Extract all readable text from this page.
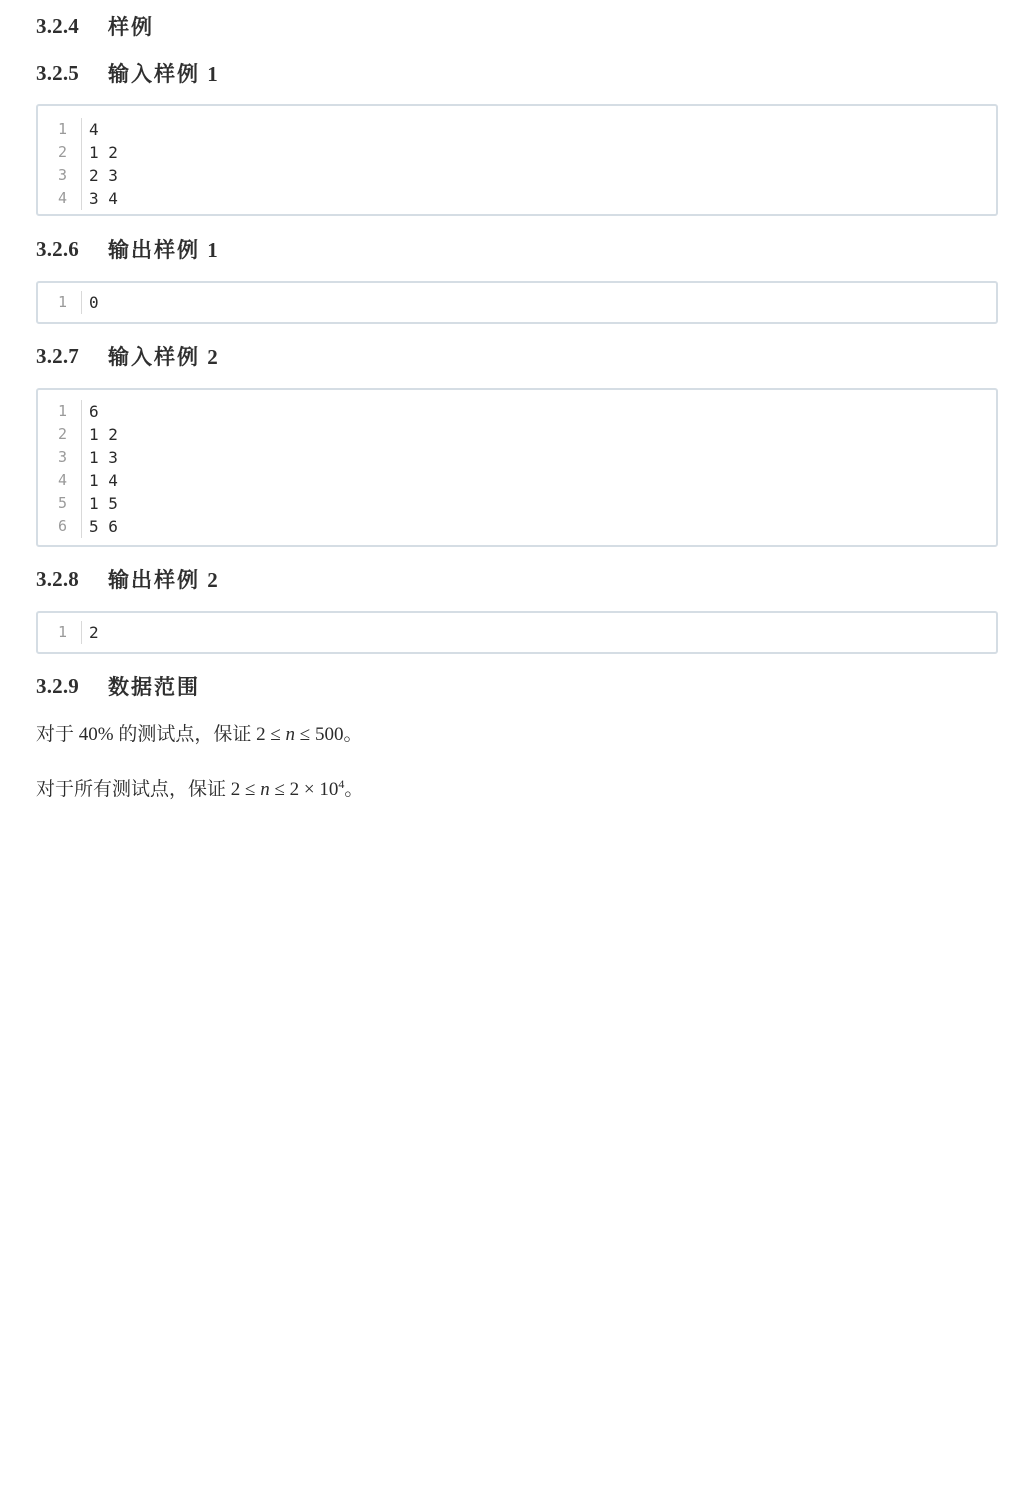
3.2.4	样例
3.2.5	输入样例 1
1	4
2	1 2
3	2 3
4	3 4
3.2.6	输出样例 1
1	0
3.2.7	输入样例 2
1	6
2	1 2
3	1 3
4	1 4
5	1 5
6	5 6
3.2.8	输出样例 2
1	2
3.2.9	数据范围

对于 40% 的测试点，保证 2 ≤ n ≤ 500。

对于所有测试点，保证 $2 \le n \le 2 \times 10^4$。
